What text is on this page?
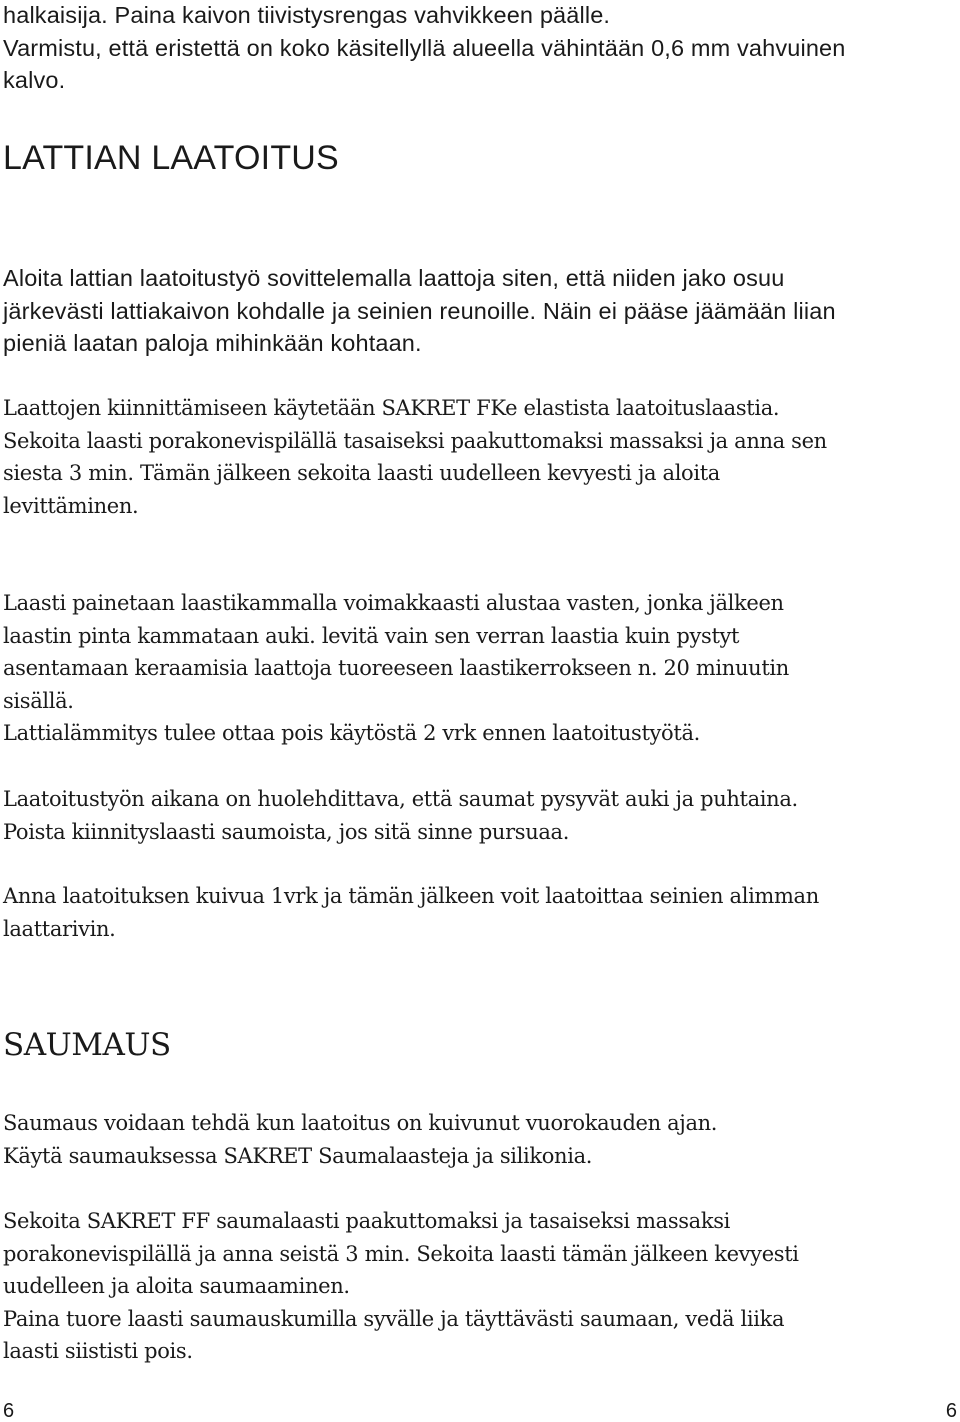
halkaisija. Paina kaivon tiivistysrengas vahvikkeen päälle.
Varmistu, että eristettä on koko käsitellyllä alueella vähintään 0,6 mm vahvuinen
kalvo.
LATTIAN LAATOITUS
Aloita lattian laatoitustyö sovittelemalla laattoja siten, että niiden jako osuu
järkevästi lattiakaivon kohdalle ja seinien reunoille. Näin ei pääse jäämään liian
pieniä laatan paloja mihinkään kohtaan.
Laattojen kiinnittämiseen käytetään SAKRET FKe elastista laatoituslaastia.
Sekoita laasti porakonevispilällä tasaiseksi paakuttomaksi massaksi ja anna sen
siesta 3 min. Tämän jälkeen sekoita laasti uudelleen kevyesti ja aloita
levittäminen.
Laasti painetaan laastikammalla voimakkaasti alustaa vasten, jonka jälkeen
laastin pinta kammataan auki. levitä vain sen verran laastia kuin pystyt
asentamaan keraamisia laattoja tuoreeseen laastikerrokseen n. 20 minuutin
sisällä.
Lattialämmitys tulee ottaa pois käytöstä 2 vrk ennen laatoitustyötä.
Laatoitustyön aikana on huolehdittava, että saumat pysyvät auki ja puhtaina.
Poista kiinnityslaasti saumoista, jos sitä sinne pursuaa.
Anna laatoituksen kuivua 1vrk ja tämän jälkeen voit laatoittaa seinien alimman
laattarivin.
SAUMAUS
Saumaus voidaan tehdä kun laatoitus on kuivunut vuorokauden ajan.
Käytä saumauksessa SAKRET Saumalaasteja ja silikonia.
Sekoita SAKRET FF saumalaasti paakuttomaksi ja tasaiseksi massaksi
porakonevispilällä ja anna seistä 3 min. Sekoita laasti tämän jälkeen kevyesti
uudelleen ja aloita saumaaminen.
Paina tuore laasti saumauskumilla syvälle ja täyttävästi saumaan, vedä liika
laasti siististi pois.
6	6
